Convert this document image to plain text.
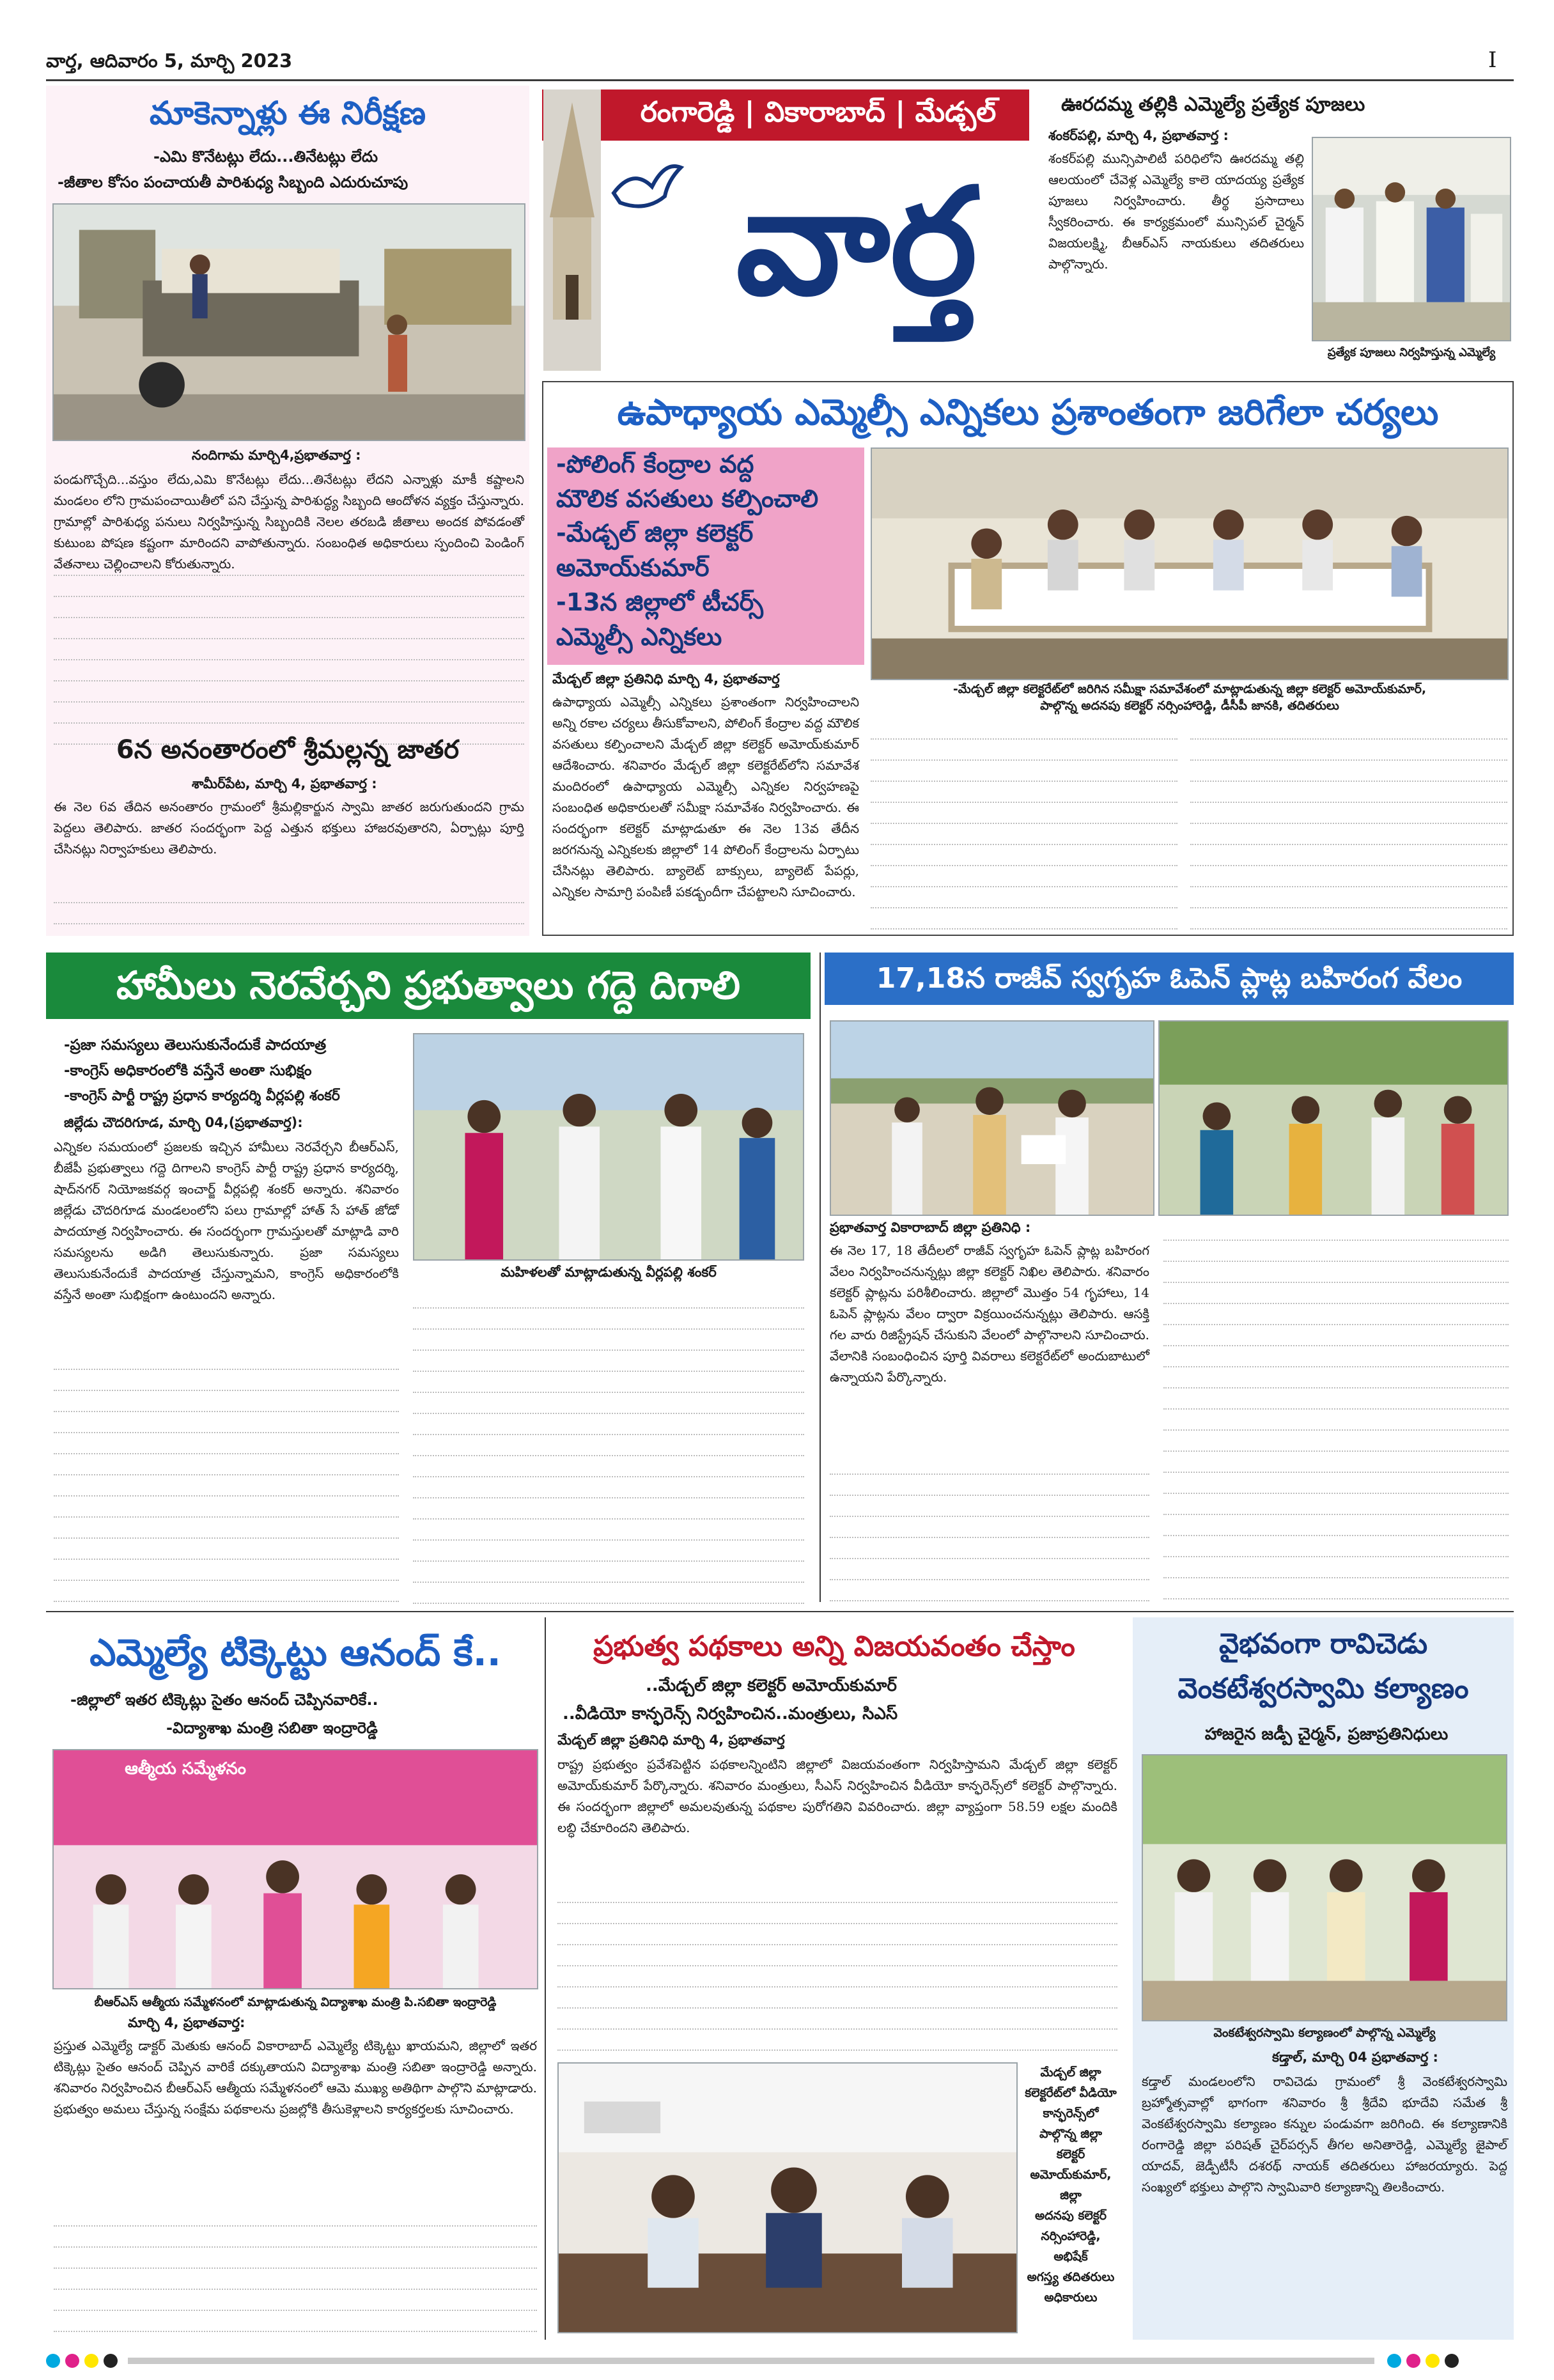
వార్త, ఆదివారం 5, మార్చి 2023	I
మాకెన్నాళ్లు ఈ నిరీక్షణ
-ఎమి కొనేటట్లు లేదు...తినేటట్లు లేదు
-జీతాల కోసం పంచాయతీ పారిశుధ్య సిబ్బంది ఎదురుచూపు
నందిగామ మార్చి4,ప్రభాతవార్త :
పండుగొచ్చేది...వస్తుం లేదు,ఎమి కొనేటట్లు లేదు...తినేటట్లు లేదని ఎన్నాళ్లు మాకీ కష్టాలని మండలం లోని గ్రామపంచాయితీలో పని చేస్తున్న పారిశుద్ధ్య సిబ్బంది ఆందోళన వ్యక్తం చేస్తున్నారు. గ్రామాల్లో పారిశుధ్య పనులు నిర్వహిస్తున్న సిబ్బందికి నెలల తరబడి జీతాలు అందక పోవడంతో కుటుంబ పోషణ కష్టంగా మారిందని వాపోతున్నారు. సంబంధిత అధికారులు స్పందించి పెండింగ్ వేతనాలు చెల్లించాలని కోరుతున్నారు.
6న అనంతారంలో శ్రీమల్లన్న జాతర
శామీర్‌పేట, మార్చి 4, ప్రభాతవార్త :
ఈ నెల 6వ తేదిన అనంతారం గ్రామంలో శ్రీమల్లికార్జున స్వామి జాతర జరుగుతుందని గ్రామ పెద్దలు తెలిపారు. జాతర సందర్భంగా పెద్ద ఎత్తున భక్తులు హాజరవుతారని, ఏర్పాట్లు పూర్తి చేసినట్లు నిర్వాహకులు తెలిపారు.
రంగారెడ్డి | వికారాబాద్ | మేడ్చల్
వార్త
ఊరదమ్మ తల్లికి ఎమ్మెల్యే ప్రత్యేక పూజలు
శంకర్‌పల్లి, మార్చి 4, ప్రభాతవార్త :
శంకర్‌పల్లి మున్సిపాలిటీ పరిధిలోని ఊరదమ్మ తల్లి ఆలయంలో చేవెళ్ల ఎమ్మెల్యే కాలె యాదయ్య ప్రత్యేక పూజలు నిర్వహించారు. తీర్థ ప్రసాదాలు స్వీకరించారు. ఈ కార్యక్రమంలో మున్సిపల్ చైర్మన్ విజయలక్ష్మి, బీఆర్ఎస్ నాయకులు తదితరులు పాల్గొన్నారు.
ప్రత్యేక పూజలు నిర్వహిస్తున్న ఎమ్మెల్యే
ఉపాధ్యాయ ఎమ్మెల్సీ ఎన్నికలు ప్రశాంతంగా జరిగేలా చర్యలు
-పోలింగ్ కేంద్రాల వద్ద
మౌలిక వసతులు కల్పించాలి
-మేడ్చల్ జిల్లా కలెక్టర్
అమోయ్‌కుమార్
-13న జిల్లాలో టీచర్స్
ఎమ్మెల్సీ ఎన్నికలు
-మేడ్చల్ జిల్లా కలెక్టరేట్‌లో జరిగిన సమీక్షా సమావేశంలో మాట్లాడుతున్న జిల్లా కలెక్టర్ అమోయ్‌కుమార్,
పాల్గొన్న అదనపు కలెక్టర్ నర్సింహారెడ్డి, డీసీపీ జానకి, తదితరులు
మేడ్చల్ జిల్లా ప్రతినిధి మార్చి 4, ప్రభాతవార్త
ఉపాధ్యాయ ఎమ్మెల్సీ ఎన్నికలు ప్రశాంతంగా నిర్వహించాలని అన్ని రకాల చర్యలు తీసుకోవాలని, పోలింగ్ కేంద్రాల వద్ద మౌలిక వసతులు కల్పించాలని మేడ్చల్ జిల్లా కలెక్టర్ అమోయ్‌కుమార్ ఆదేశించారు. శనివారం మేడ్చల్ జిల్లా కలెక్టరేట్‌లోని సమావేశ మందిరంలో ఉపాధ్యాయ ఎమ్మెల్సీ ఎన్నికల నిర్వహణపై సంబంధిత అధికారులతో సమీక్షా సమావేశం నిర్వహించారు. ఈ సందర్భంగా కలెక్టర్ మాట్లాడుతూ ఈ నెల 13వ తేదీన జరగనున్న ఎన్నికలకు జిల్లాలో 14 పోలింగ్ కేంద్రాలను ఏర్పాటు చేసినట్లు తెలిపారు. బ్యాలెట్ బాక్సులు, బ్యాలెట్ పేపర్లు, ఎన్నికల సామాగ్రి పంపిణీ పకడ్బందీగా చేపట్టాలని సూచించారు.
హామీలు నెరవేర్చని ప్రభుత్వాలు గద్దె దిగాలి
-ప్రజా సమస్యలు తెలుసుకునేందుకే పాదయాత్ర
-కాంగ్రెస్ అధికారంలోకి వస్తేనే అంతా సుభిక్షం
-కాంగ్రెస్ పార్టీ రాష్ట్ర ప్రధాన కార్యదర్శి వీర్లపల్లి శంకర్
జిల్లేడు చౌదరిగూడ, మార్చి 04,(ప్రభాతవార్త):
ఎన్నికల సమయంలో ప్రజలకు ఇచ్చిన హామీలు నెరవేర్చని బీఆర్ఎస్, బీజేపీ ప్రభుత్వాలు గద్దె దిగాలని కాంగ్రెస్ పార్టీ రాష్ట్ర ప్రధాన కార్యదర్శి, షాద్‌నగర్ నియోజకవర్గ ఇంచార్జ్ వీర్లపల్లి శంకర్ అన్నారు. శనివారం జిల్లేడు చౌదరిగూడ మండలంలోని పలు గ్రామాల్లో హాత్ సే హాత్ జోడో పాదయాత్ర నిర్వహించారు. ఈ సందర్భంగా గ్రామస్తులతో మాట్లాడి వారి సమస్యలను అడిగి తెలుసుకున్నారు. ప్రజా సమస్యలు తెలుసుకునేందుకే పాదయాత్ర చేస్తున్నామని, కాంగ్రెస్ అధికారంలోకి వస్తేనే అంతా సుభిక్షంగా ఉంటుందని అన్నారు.
మహిళలతో మాట్లాడుతున్న వీర్లపల్లి శంకర్
17,18న రాజీవ్ స్వగృహ ఓపెన్ ప్లాట్ల బహిరంగ వేలం
ప్రభాతవార్త వికారాబాద్ జిల్లా ప్రతినిధి :
ఈ నెల 17, 18 తేదీలలో రాజీవ్ స్వగృహ ఓపెన్ ప్లాట్ల బహిరంగ వేలం నిర్వహించనున్నట్లు జిల్లా కలెక్టర్ నిఖిల తెలిపారు. శనివారం కలెక్టర్ ప్లాట్లను పరిశీలించారు. జిల్లాలో మొత్తం 54 గృహాలు, 14 ఓపెన్ ప్లాట్లను వేలం ద్వారా విక్రయించనున్నట్లు తెలిపారు. ఆసక్తి గల వారు రిజిస్ట్రేషన్ చేసుకుని వేలంలో పాల్గొనాలని సూచించారు. వేలానికి సంబంధించిన పూర్తి వివరాలు కలెక్టరేట్‌లో అందుబాటులో ఉన్నాయని పేర్కొన్నారు.
ఎమ్మెల్యే టిక్కెట్టు ఆనంద్ కే..
-జిల్లాలో ఇతర టిక్కెట్లు సైతం ఆనంద్ చెప్పినవారికే..
-విద్యాశాఖ మంత్రి సబితా ఇంద్రారెడ్డి
ఆత్మీయ సమ్మేళనం
బీఆర్ఎస్ ఆత్మీయ సమ్మేళనంలో మాట్లాడుతున్న విద్యాశాఖ మంత్రి పి.సబితా ఇంద్రారెడ్డి
మార్చి 4, ప్రభాతవార్త:
ప్రస్తుత ఎమ్మెల్యే డాక్టర్ మెతుకు ఆనంద్ వికారాబాద్ ఎమ్మెల్యే టిక్కెట్టు ఖాయమని, జిల్లాలో ఇతర టిక్కెట్లు సైతం ఆనంద్ చెప్పిన వారికే దక్కుతాయని విద్యాశాఖ మంత్రి సబితా ఇంద్రారెడ్డి అన్నారు. శనివారం నిర్వహించిన బీఆర్ఎస్ ఆత్మీయ సమ్మేళనంలో ఆమె ముఖ్య అతిథిగా పాల్గొని మాట్లాడారు. ప్రభుత్వం అమలు చేస్తున్న సంక్షేమ పథకాలను ప్రజల్లోకి తీసుకెళ్లాలని కార్యకర్తలకు సూచించారు.
ప్రభుత్వ పథకాలు అన్ని విజయవంతం చేస్తాం
..మేడ్చల్ జిల్లా కలెక్టర్ అమోయ్‌కుమార్
..వీడియో కాన్ఫరెన్స్ నిర్వహించిన..మంత్రులు, సిఎస్
మేడ్చల్ జిల్లా ప్రతినిధి మార్చి 4, ప్రభాతవార్త
రాష్ట్ర ప్రభుత్వం ప్రవేశపెట్టిన పథకాలన్నింటిని జిల్లాలో విజయవంతంగా నిర్వహిస్తామని మేడ్చల్ జిల్లా కలెక్టర్ అమోయ్‌కుమార్ పేర్కొన్నారు. శనివారం మంత్రులు, సీఎస్ నిర్వహించిన వీడియో కాన్ఫరెన్స్‌లో కలెక్టర్ పాల్గొన్నారు. ఈ సందర్భంగా జిల్లాలో అమలవుతున్న పథకాల పురోగతిని వివరించారు. జిల్లా వ్యాప్తంగా 58.59 లక్షల మందికి లబ్ధి చేకూరిందని తెలిపారు.
మేడ్చల్ జిల్లా
కలెక్టరేట్‌లో వీడియో
కాన్ఫరెన్స్‌లో
పాల్గొన్న జిల్లా
కలెక్టర్
అమోయ్‌కుమార్,
జిల్లా
అదనపు కలెక్టర్
నర్సింహారెడ్డి,
అభిషేక్
అగస్త్య తదితరులు
అధికారులు
వైభవంగా రావిచెడు
వెంకటేశ్వరస్వామి కల్యాణం
హాజరైన జడ్పీ చైర్మన్, ప్రజాప్రతినిధులు
వెంకటేశ్వరస్వామి కల్యాణంలో పాల్గొన్న ఎమ్మెల్యే
కడ్తాల్, మార్చి 04 ప్రభాతవార్త :
కడ్తాల్ మండలంలోని రావిచెడు గ్రామంలో శ్రీ వెంకటేశ్వరస్వామి బ్రహ్మోత్సవాల్లో భాగంగా శనివారం శ్రీ శ్రీదేవి భూదేవి సమేత శ్రీ వెంకటేశ్వరస్వామి కల్యాణం కన్నుల పండువగా జరిగింది. ఈ కల్యాణానికి రంగారెడ్డి జిల్లా పరిషత్ చైర్‌పర్సన్ తీగల అనితారెడ్డి, ఎమ్మెల్యే జైపాల్ యాదవ్, జెడ్పీటీసీ దశరథ్ నాయక్ తదితరులు హాజరయ్యారు. పెద్ద సంఖ్యలో భక్తులు పాల్గొని స్వామివారి కల్యాణాన్ని తిలకించారు.
